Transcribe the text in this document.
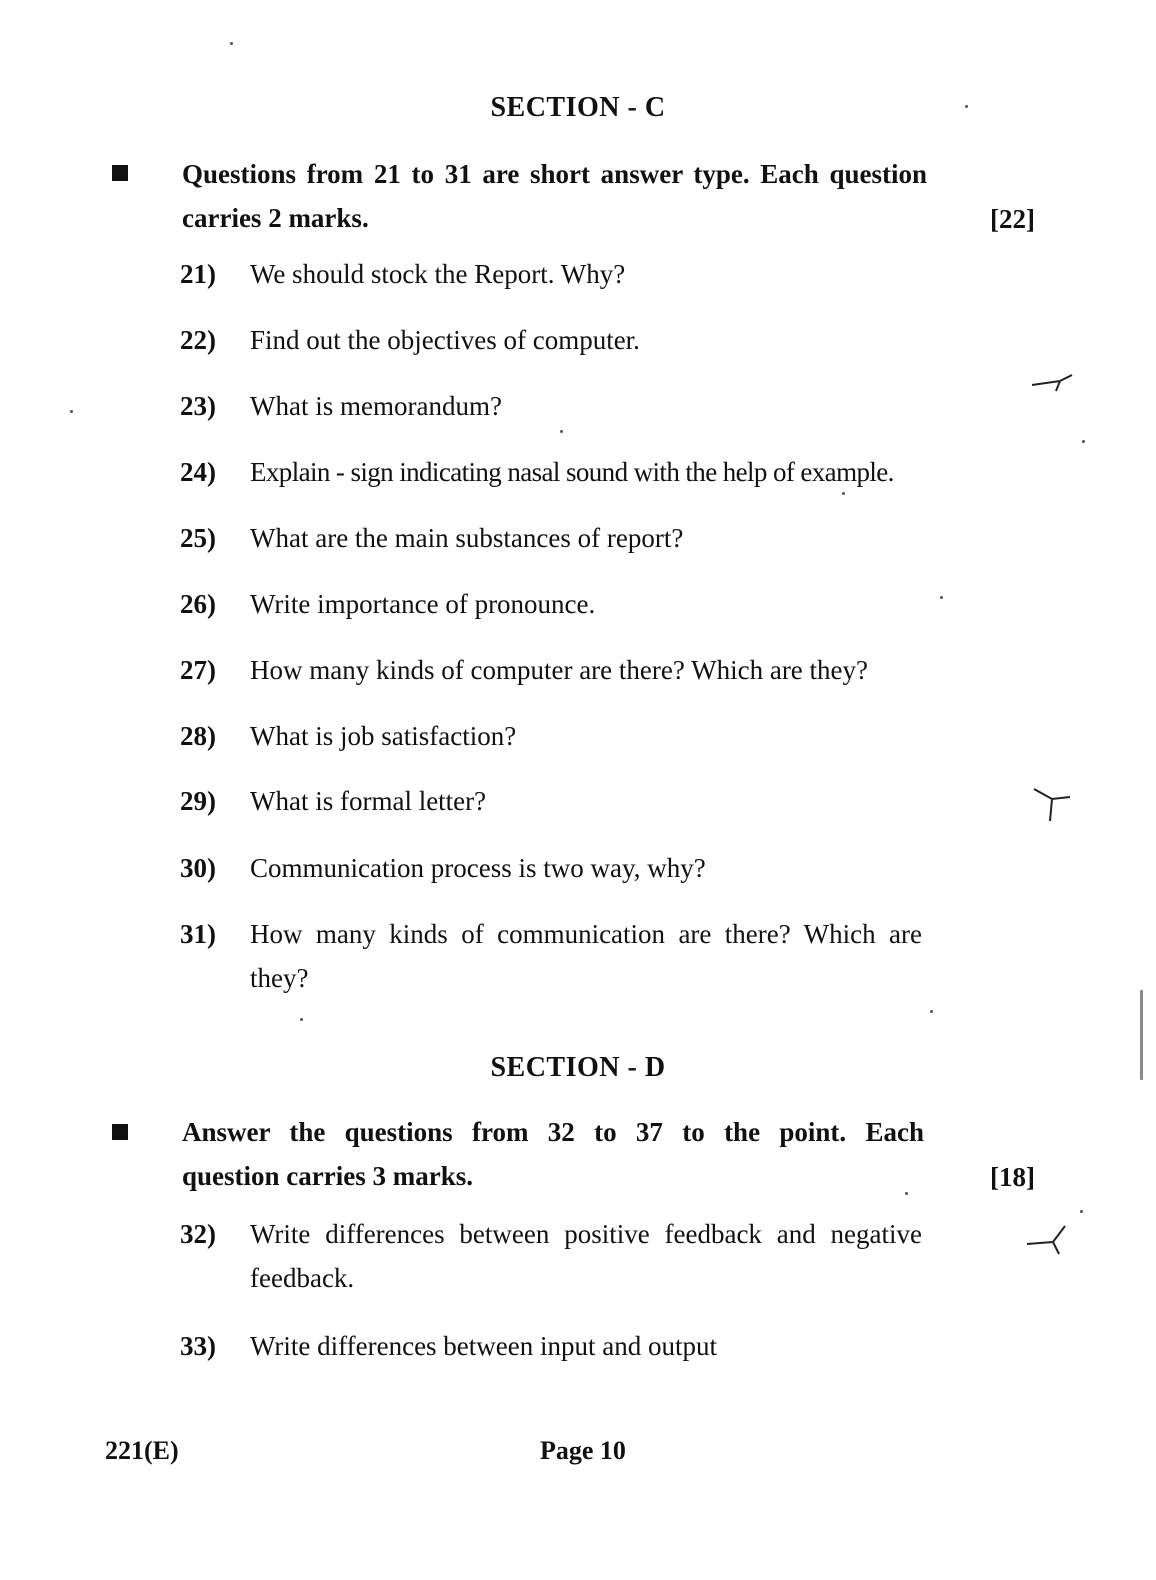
SECTION - C
Questions from 21 to 31 are short answer type. Each question
carries 2 marks.	[22]
21) We should stock the Report. Why?
22) Find out the objectives of computer.
23) What is memorandum?
24) Explain - sign indicating nasal sound with the help of example.
25) What are the main substances of report?
26) Write importance of pronounce.
27) How many kinds of computer are there? Which are they?
28) What is job satisfaction?
29) What is formal letter?
30) Communication process is two way, why?
31) How many kinds of communication are there? Which are
they?
SECTION - D
Answer the questions from 32 to 37 to the point. Each
question carries 3 marks.	[18]
32) Write differences between positive feedback and negative
feedback.
33) Write differences between input and output
221(E)	Page 10
